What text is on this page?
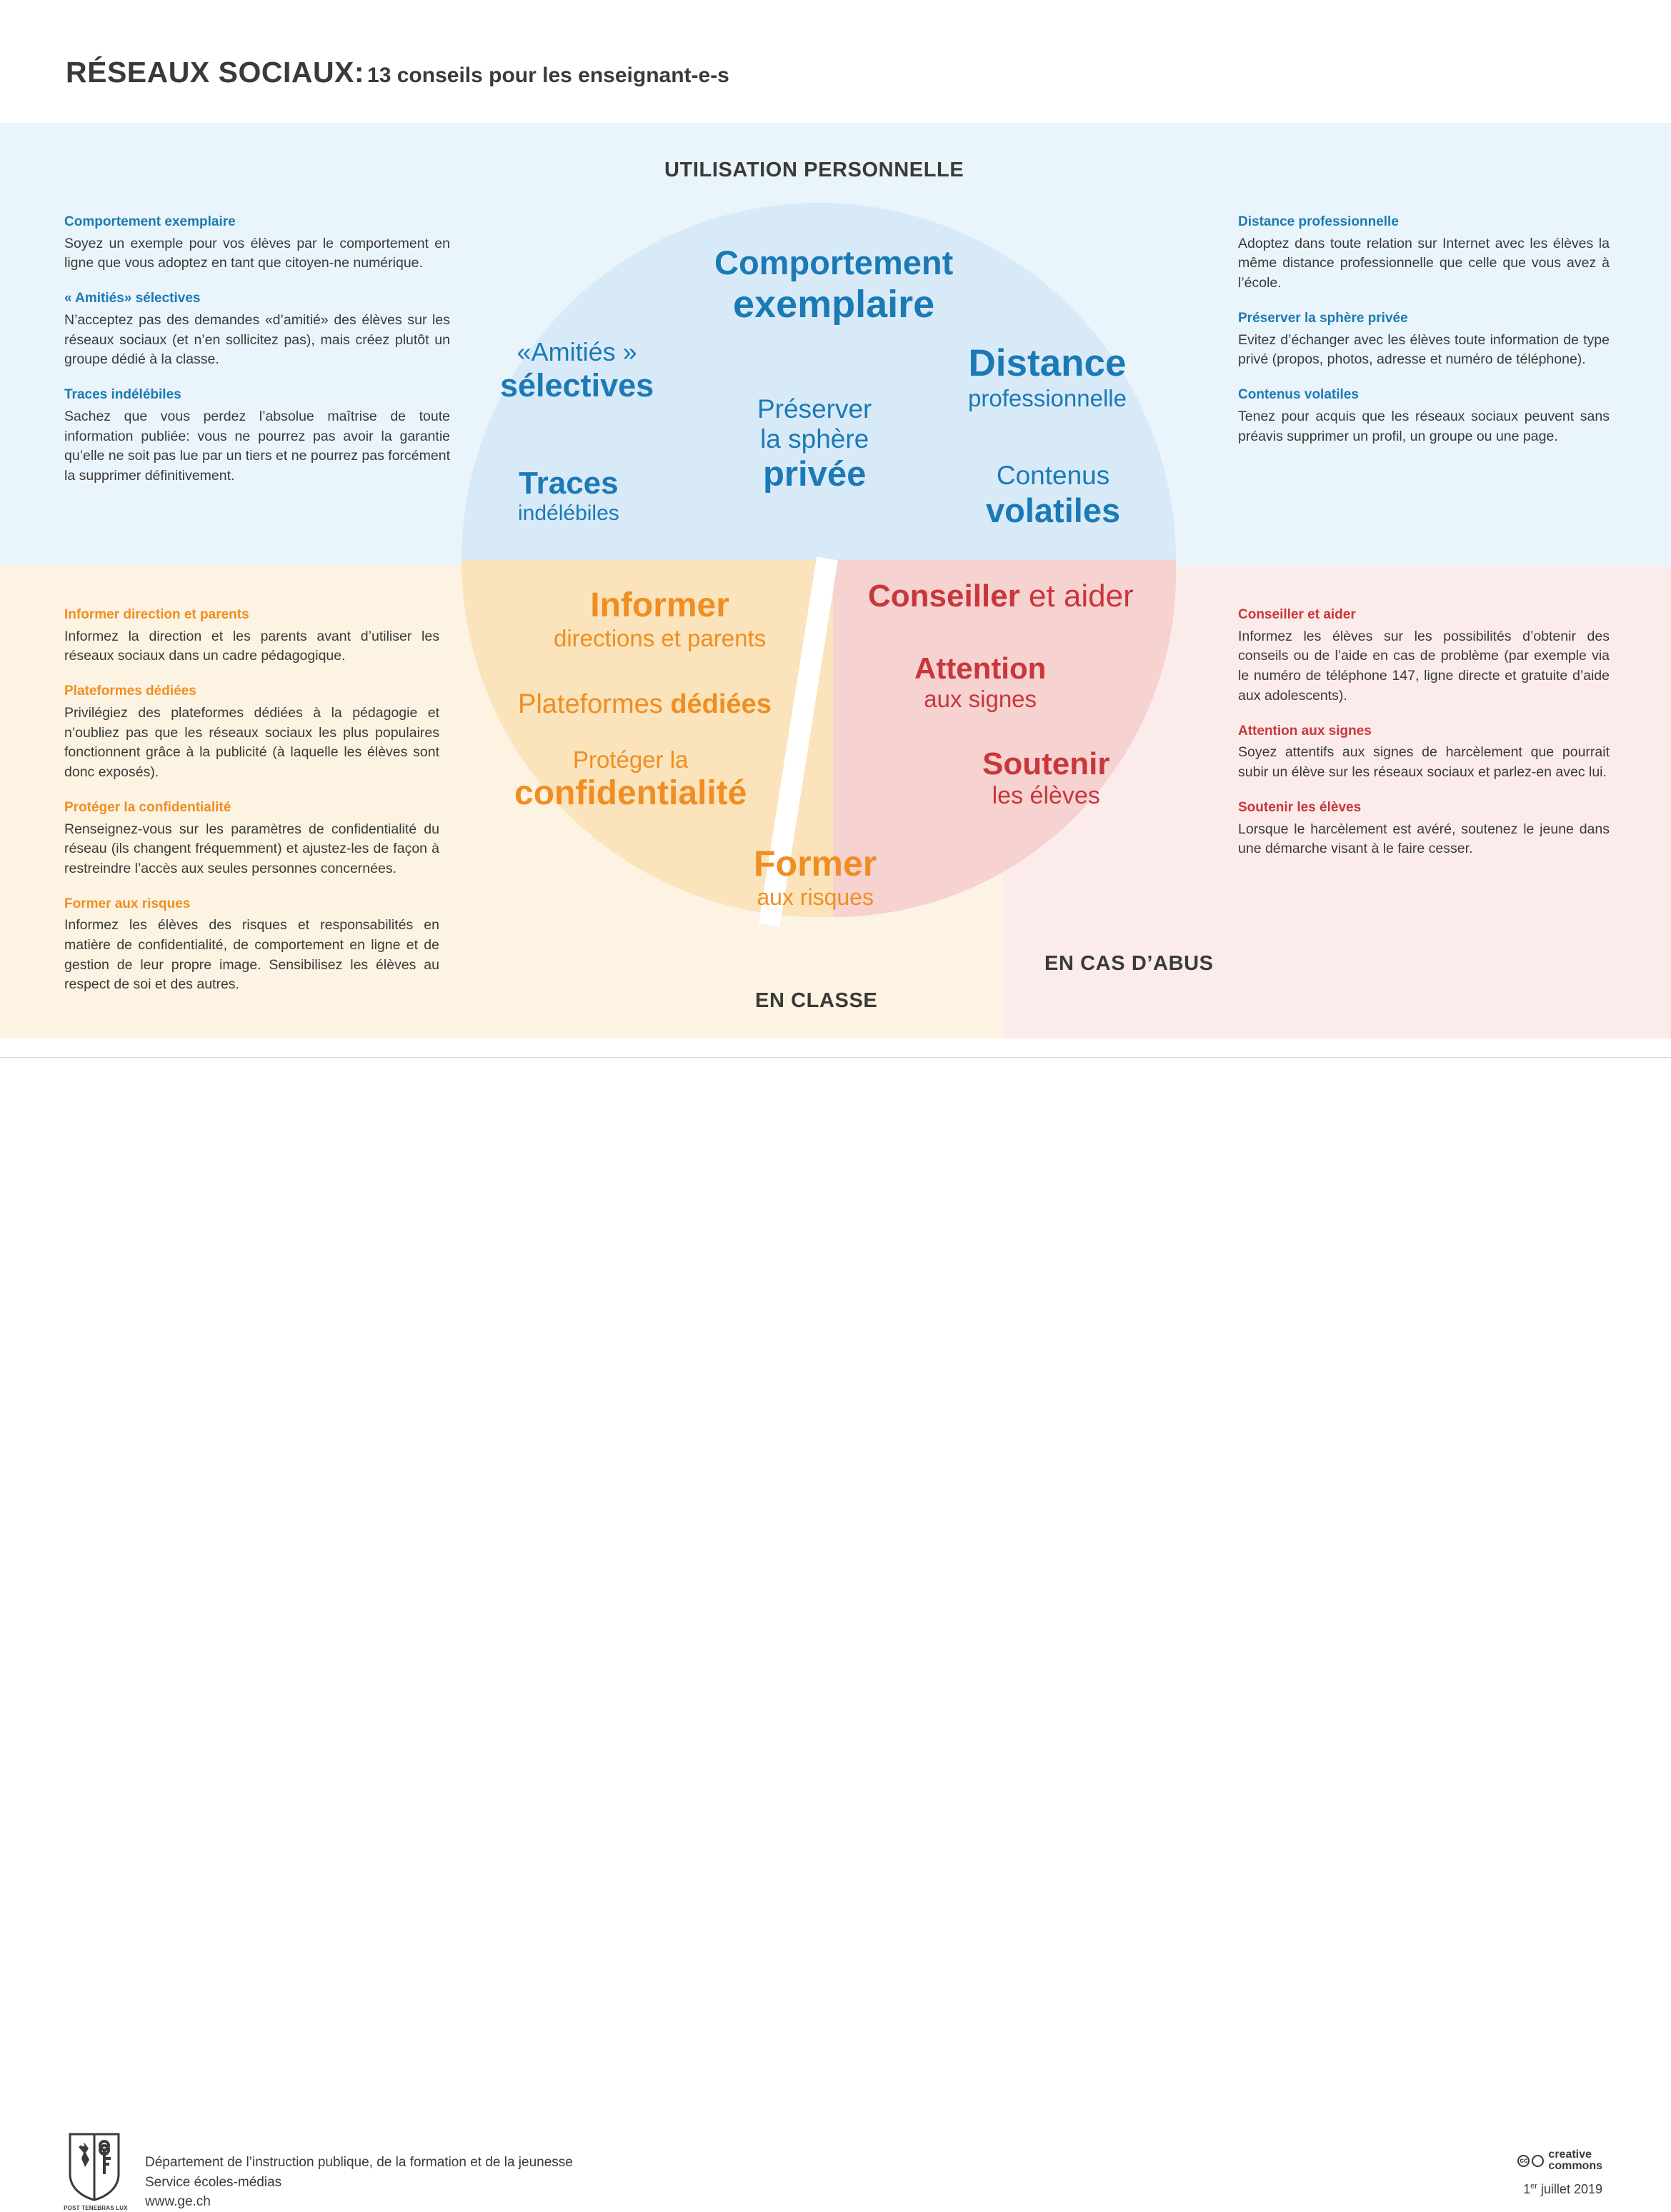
RÉSEAUX SOCIAUX: 13 conseils pour les enseignant-e-s
UTILISATION PERSONNELLE
EN CLASSE
EN CAS D’ABUS
Comportement
exemplaire
«Amitiés »
sélectives
Préserver
la sphère
privée
Distance
professionnelle
Traces
indélébiles
Contenus
volatiles
Informer
directions et parents
Plateformes dédiées
Protéger la
confidentialité
Former
aux risques
Conseiller et aider
Attention
aux signes
Soutenir
les élèves
Comportement exemplaire

Soyez un exemple pour vos élèves par le comportement en ligne que vous adoptez en tant que citoyen-ne numérique.

« Amitiés» sélectives

N’acceptez pas des demandes «d’amitié» des élèves sur les réseaux sociaux (et n’en sollicitez pas), mais créez plutôt un groupe dédié à la classe.

Traces indélébiles

Sachez que vous perdez l’absolue maîtrise de toute information publiée: vous ne pourrez pas avoir la garantie qu’elle ne soit pas lue par un tiers et ne pourrez pas forcément la supprimer définitivement.

Distance professionnelle

Adoptez dans toute relation sur Internet avec les élèves la même distance professionnelle que celle que vous avez à l’école.

Préserver la sphère privée

Evitez d’échanger avec les élèves toute information de type privé (propos, photos, adresse et numéro de téléphone).

Contenus volatiles

Tenez pour acquis que les réseaux sociaux peuvent sans préavis supprimer un profil, un groupe ou une page.

Informer direction et parents

Informez la direction et les parents avant d’utiliser les réseaux sociaux dans un cadre pédagogique.

Plateformes dédiées

Privilégiez des plateformes dédiées à la pédagogie et n’oubliez pas que les réseaux sociaux les plus populaires fonctionnent grâce à la publicité (à laquelle les élèves sont donc exposés).

Protéger la confidentialité

Renseignez-vous sur les paramètres de confidentialité du réseau (ils changent fréquemment) et ajustez-les de façon à restreindre l’accès aux seules personnes concernées.

Former aux risques

Informez les élèves des risques et responsabilités en matière de confidentialité, de comportement en ligne et de gestion de leur propre image. Sensibilisez les élèves au respect de soi et des autres.

Conseiller et aider

Informez les élèves sur les possibilités d’obtenir des conseils ou de l’aide en cas de problème (par exemple via le numéro de téléphone 147, ligne directe et gratuite d’aide aux adolescents).

Attention aux signes

Soyez attentifs aux signes de harcèlement que pourrait subir un élève sur les réseaux sociaux et parlez-en avec lui.

Soutenir les élèves

Lorsque le harcèlement est avéré, soutenez le jeune dans une démarche visant à le faire cesser.

POST TENEBRAS LUX
Département de l’instruction publique, de la formation et de la jeunesse
Service écoles-médias
www.ge.ch
cc creative
commons
1er juillet 2019
